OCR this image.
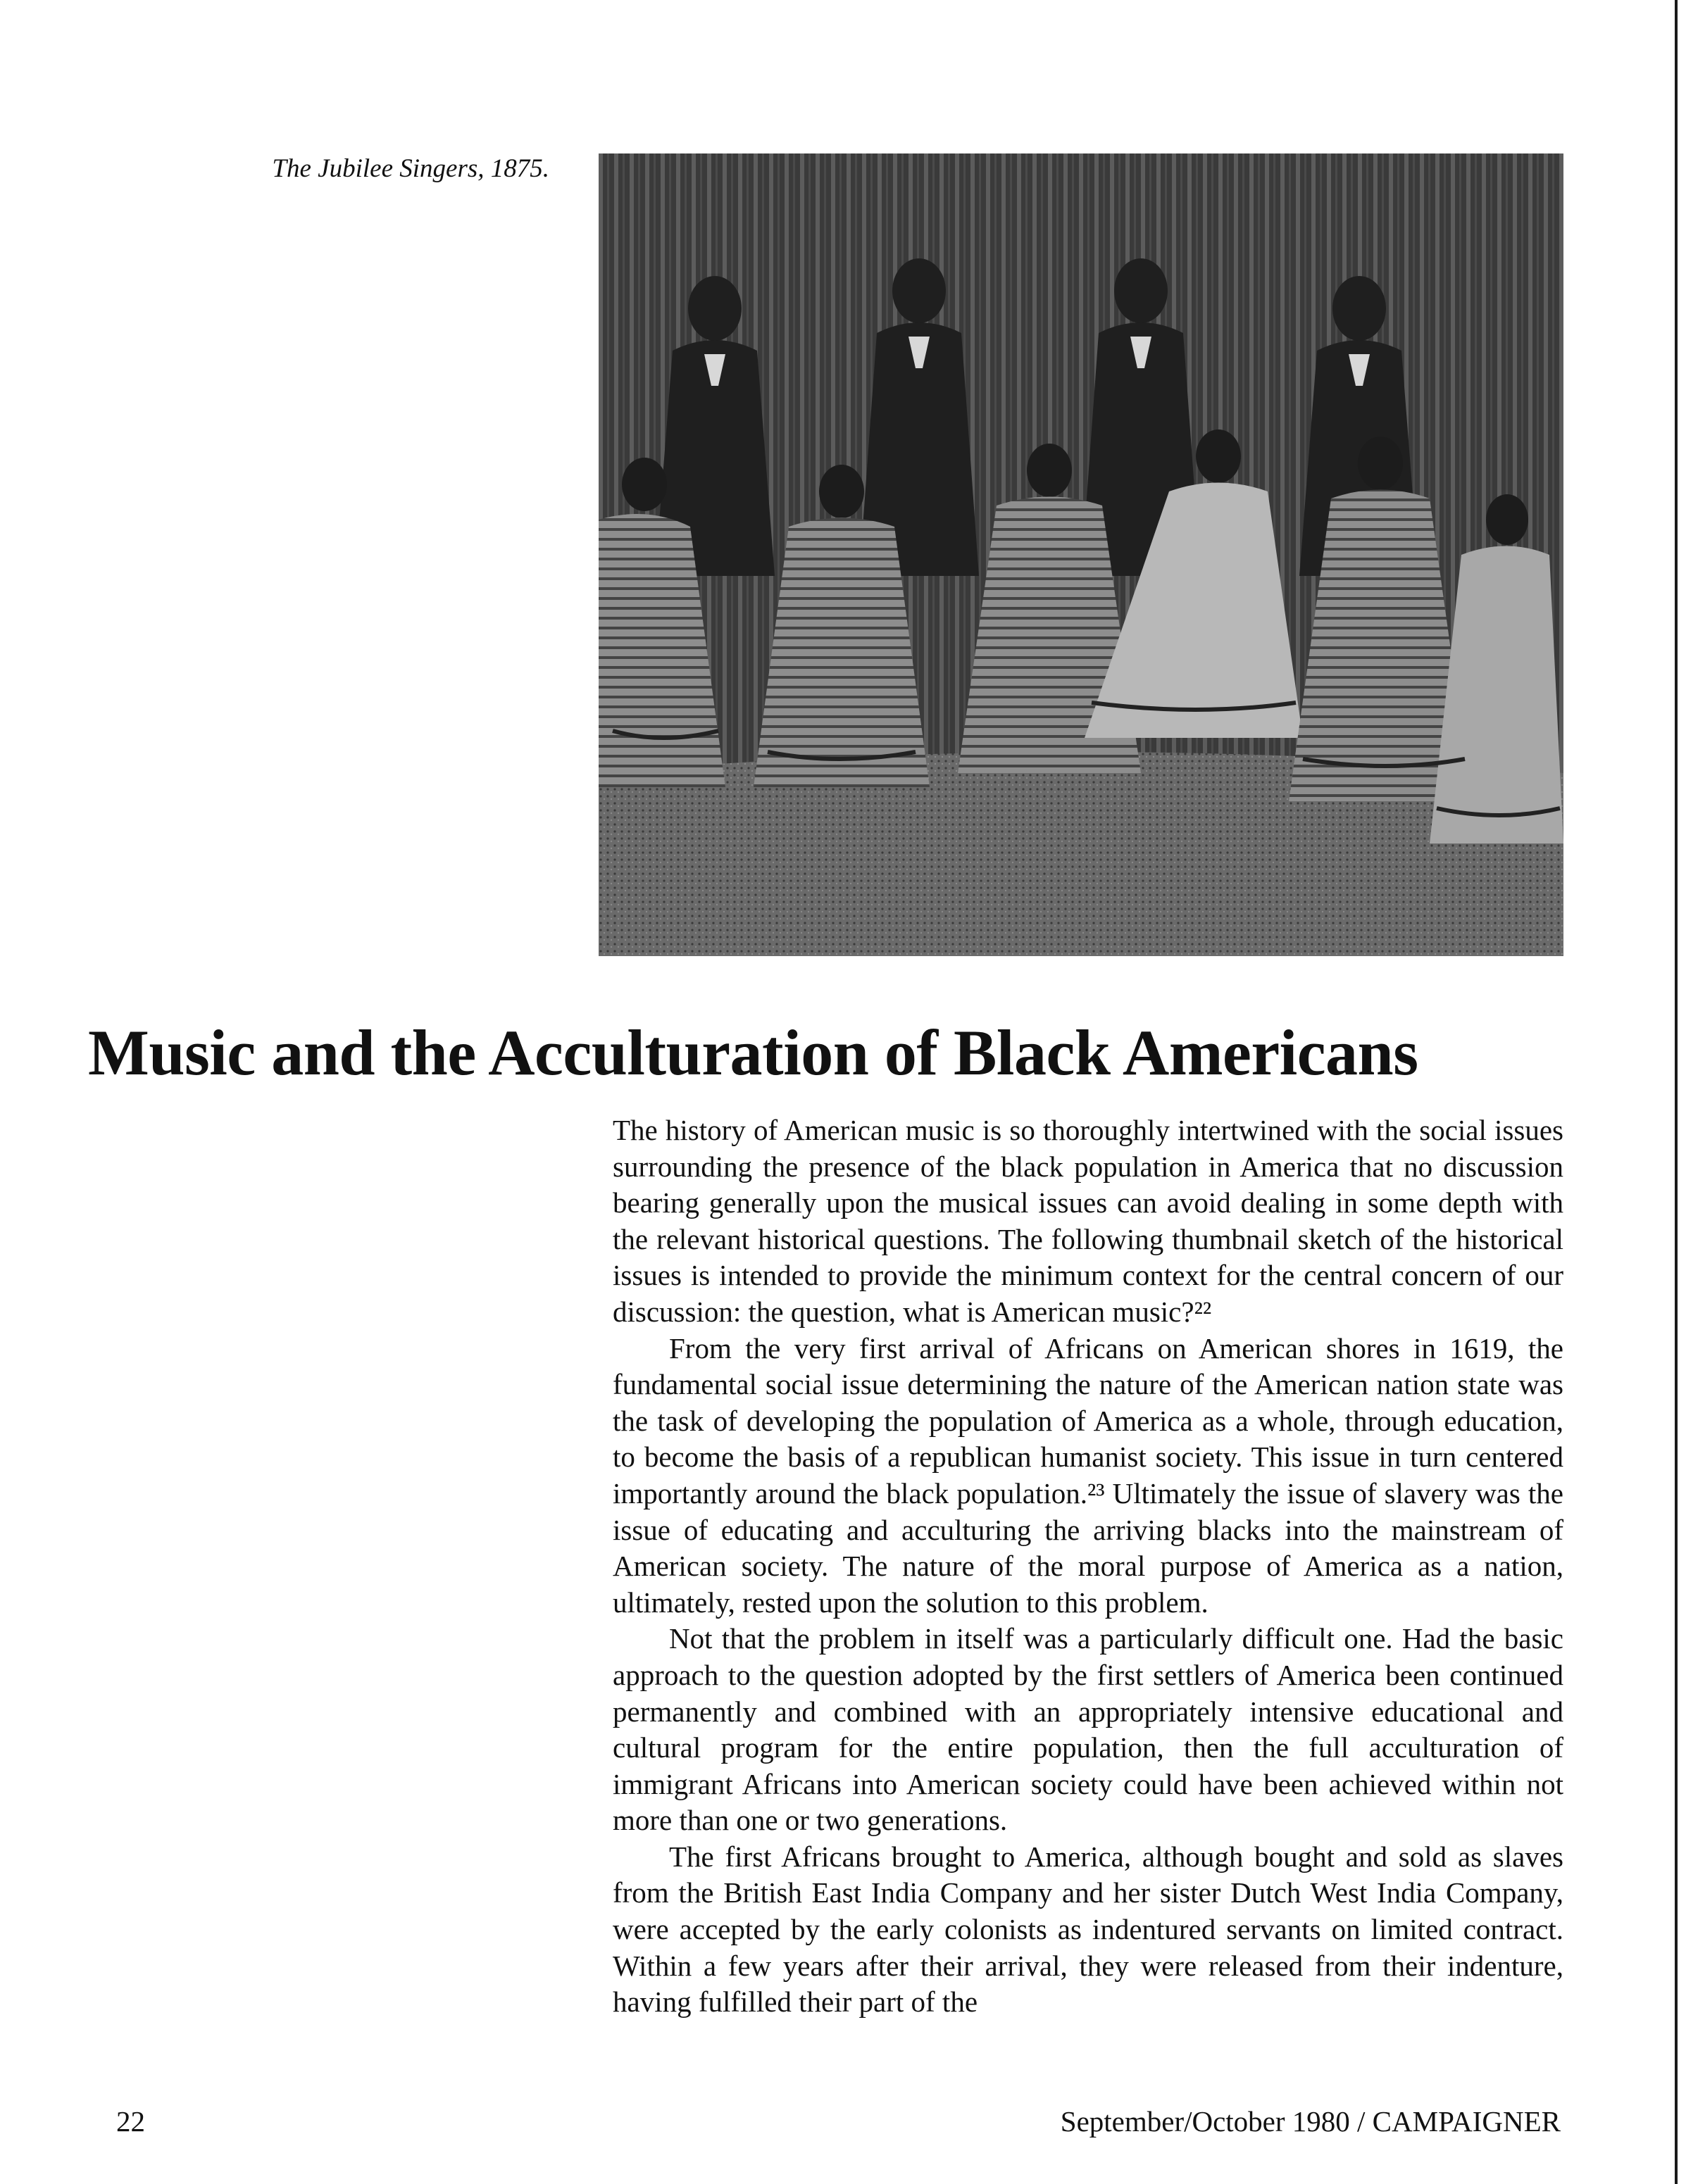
The Jubilee Singers, 1875.
Music and the Acculturation of Black Americans

The history of American music is so thoroughly intertwined with the social issues surrounding the presence of the black population in America that no discussion bearing generally upon the musical issues can avoid dealing in some depth with the relevant historical questions. The following thumbnail sketch of the historical issues is intended to provide the minimum context for the central concern of our discussion: the question, what is American music?²²

From the very first arrival of Africans on American shores in 1619, the fundamental social issue determining the nature of the American nation state was the task of developing the population of America as a whole, through education, to become the basis of a republican humanist society. This issue in turn centered importantly around the black population.²³ Ultimately the issue of slavery was the issue of educating and acculturing the arriving blacks into the mainstream of American society. The nature of the moral purpose of America as a nation, ultimately, rested upon the solution to this problem.

Not that the problem in itself was a particularly difficult one. Had the basic approach to the question adopted by the first settlers of America been continued permanently and combined with an appropriately intensive educational and cultural program for the entire population, then the full acculturation of immigrant Africans into American society could have been achieved within not more than one or two generations.

The first Africans brought to America, although bought and sold as slaves from the British East India Company and her sister Dutch West India Company, were accepted by the early colonists as indentured servants on limited contract. Within a few years after their arrival, they were released from their indenture, having fulfilled their part of the

22	September/October 1980 / CAMPAIGNER
